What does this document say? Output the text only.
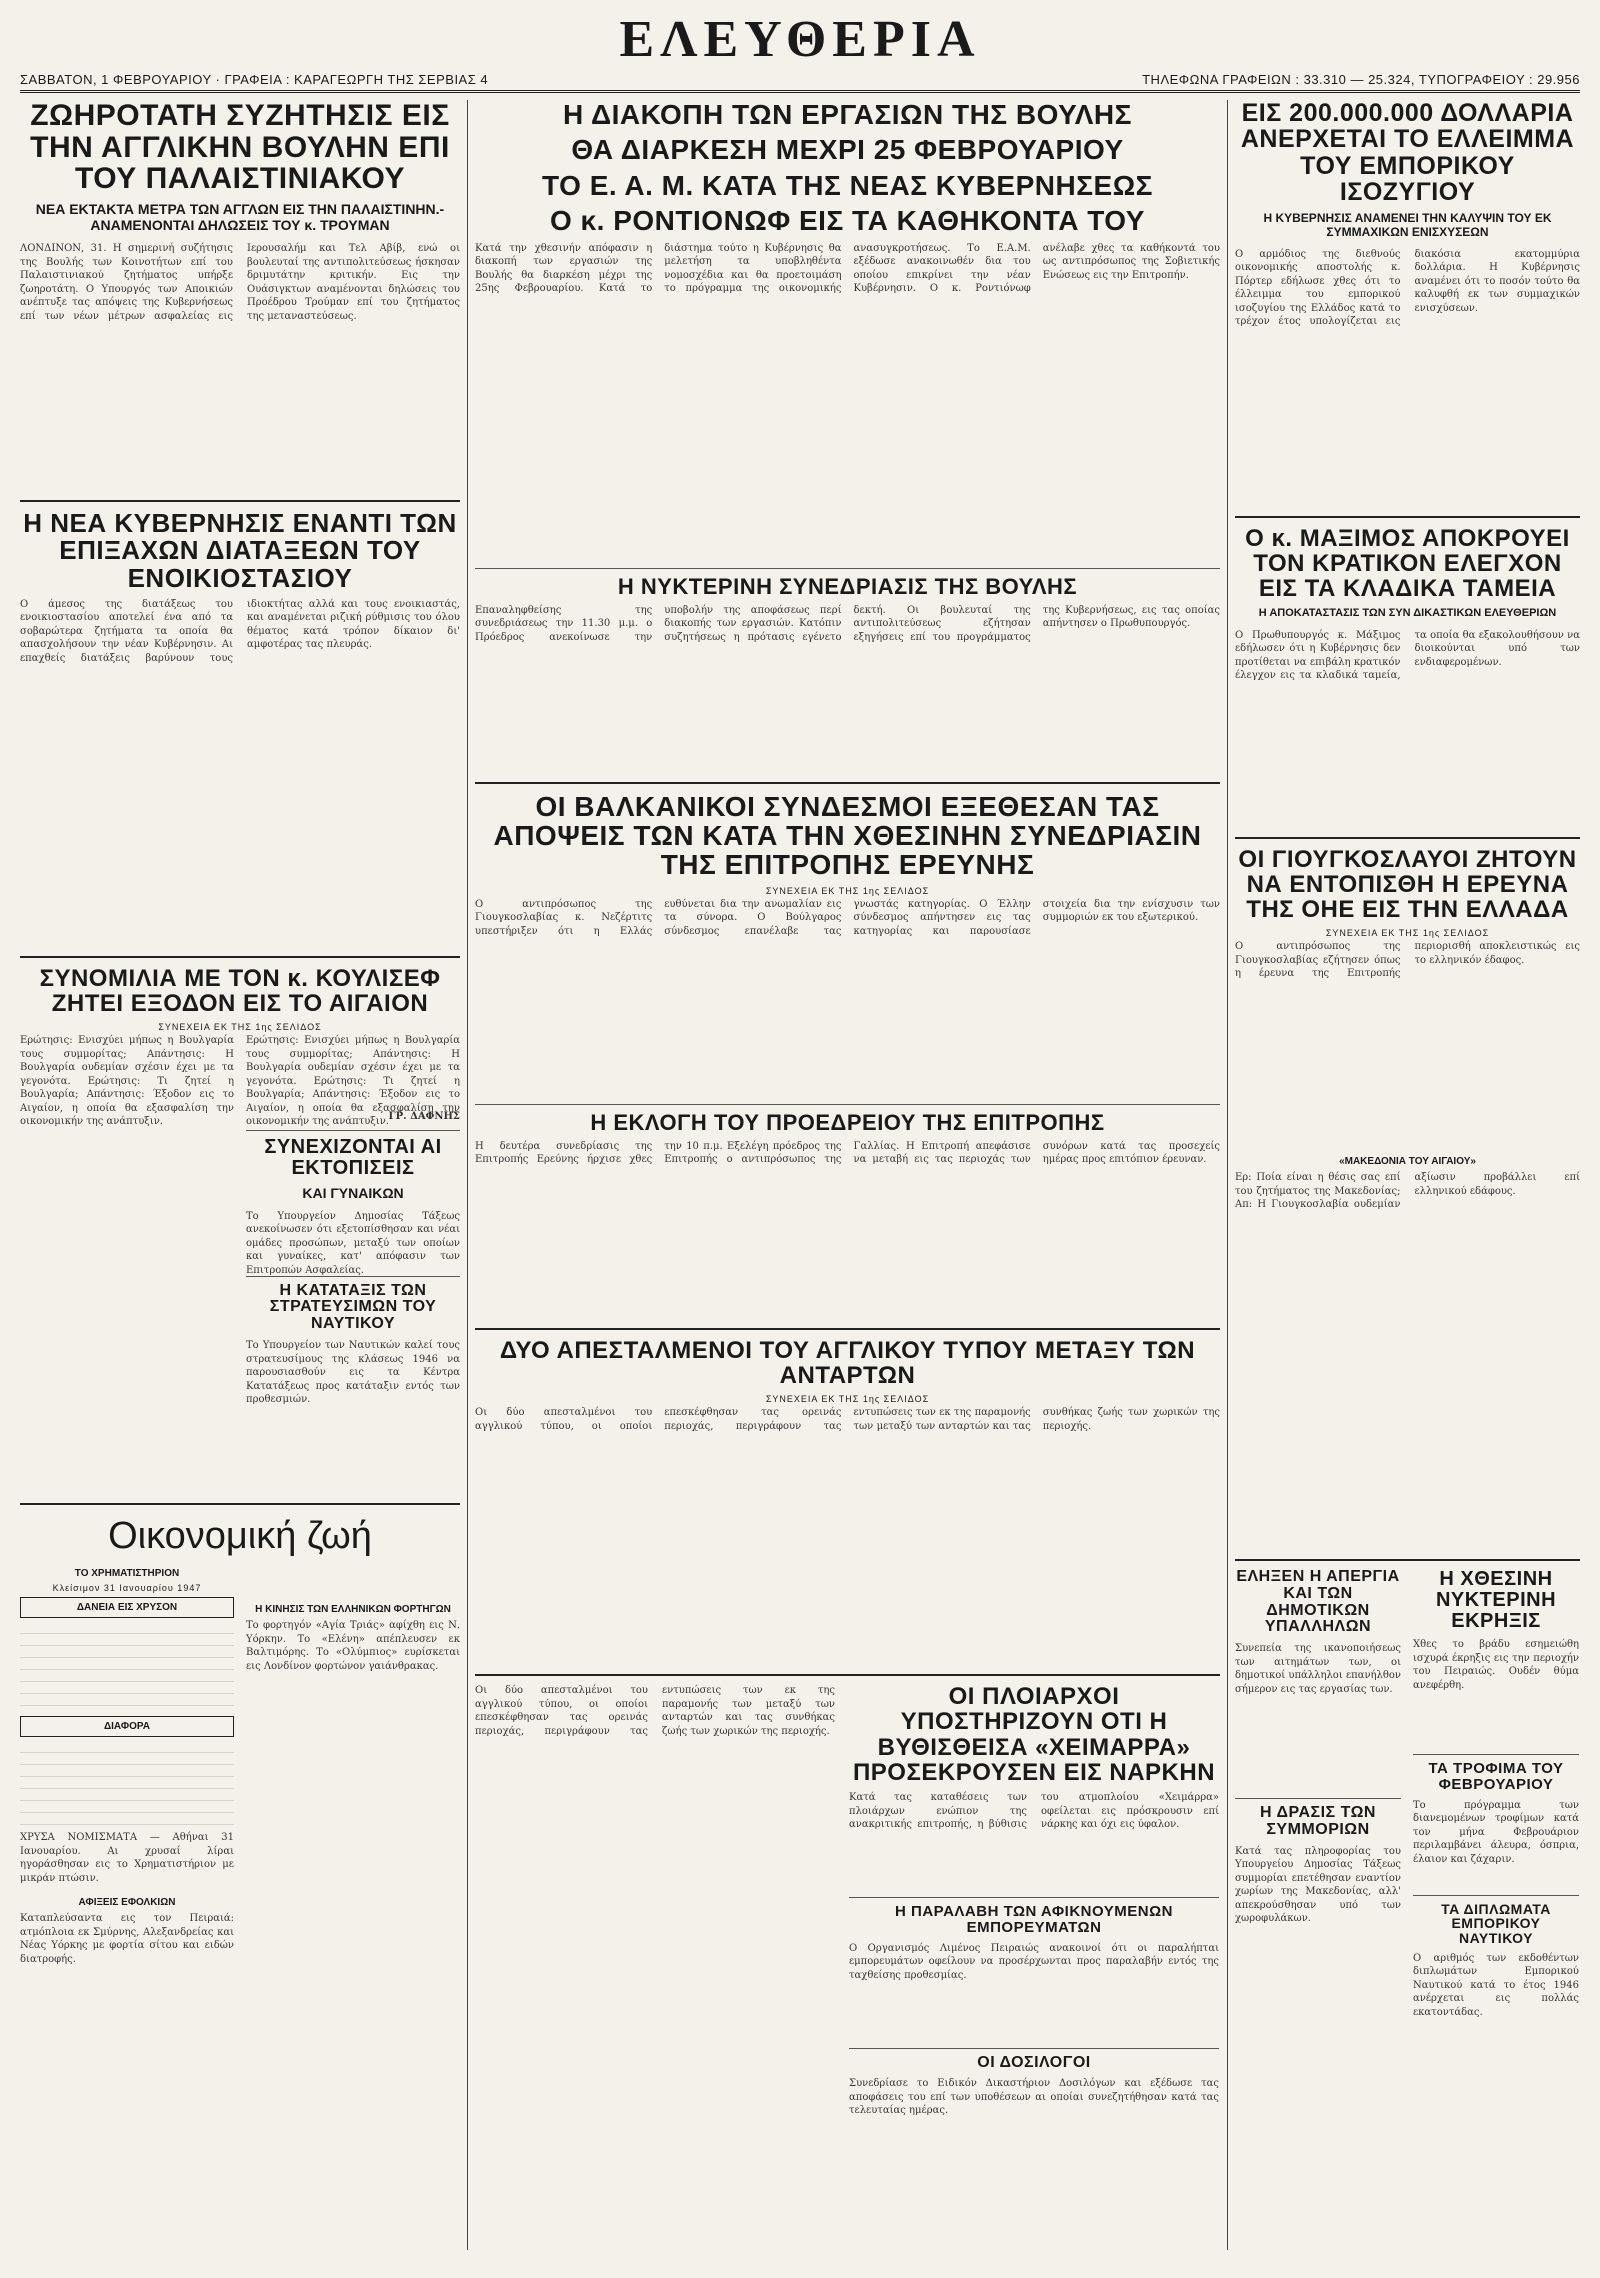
ΕΛΕΥΘΕΡΙΑ
ΣΑΒΒΑΤΟΝ, 1 ΦΕΒΡΟΥΑΡΙΟΥ · ΓΡΑΦΕΙΑ : ΚΑΡΑΓΕΩΡΓΗ ΤΗΣ ΣΕΡΒΙΑΣ 4	ΤΗΛΕΦΩΝΑ ΓΡΑΦΕΙΩΝ : 33.310 — 25.324, ΤΥΠΟΓΡΑΦΕΙΟΥ : 29.956
ΖΩΗΡΟΤΑΤΗ ΣΥΖΗΤΗΣΙΣ ΕΙΣ ΤΗΝ ΑΓΓΛΙΚΗΝ ΒΟΥΛΗΝ ΕΠΙ ΤΟΥ ΠΑΛΑΙΣΤΙΝΙΑΚΟΥ
ΝΕΑ ΕΚΤΑΚΤΑ ΜΕΤΡΑ ΤΩΝ ΑΓΓΛΩΝ ΕΙΣ ΤΗΝ ΠΑΛΑΙΣΤΙΝΗΝ.-ΑΝΑΜΕΝΟΝΤΑΙ ΔΗΛΩΣΕΙΣ ΤΟΥ κ. ΤΡΟΥΜΑΝ
ΛΟΝΔΙΝΟΝ, 31. Η σημερινή συζήτησις της Βουλής των Κοινοτήτων επί του Παλαιστινιακού ζητήματος υπήρξε ζωηροτάτη. Ο Υπουργός των Αποικιών ανέπτυξε τας απόψεις της Κυβερνήσεως επί των νέων μέτρων ασφαλείας εις Ιερουσαλήμ και Τελ Αβίβ, ενώ οι βουλευταί της αντιπολιτεύσεως ήσκησαν δριμυτάτην κριτικήν. Εις την Ουάσιγκτων αναμένονται δηλώσεις του Προέδρου Τρούμαν επί του ζητήματος της μεταναστεύσεως.
Η ΝΕΑ ΚΥΒΕΡΝΗΣΙΣ ΕΝΑΝΤΙ ΤΩΝ ΕΠΙΞΑΧΩΝ ΔΙΑΤΑΞΕΩΝ ΤΟΥ ΕΝΟΙΚΙΟΣΤΑΣΙΟΥ
Ο άμεσος της διατάξεως του ενοικιοστασίου αποτελεί ένα από τα σοβαρώτερα ζητήματα τα οποία θα απασχολήσουν την νέαν Κυβέρνησιν. Αι επαχθείς διατάξεις βαρύνουν τους ιδιοκτήτας αλλά και τους ενοικιαστάς, και αναμένεται ριζική ρύθμισις του όλου θέματος κατά τρόπον δίκαιον δι' αμφοτέρας τας πλευράς.
ΣΥΝΟΜΙΛΙΑ ΜΕ ΤΟΝ κ. ΚΟΥΛΙΣΕΦ ΖΗΤΕΙ ΕΞΟΔΟΝ ΕΙΣ ΤΟ ΑΙΓΑΙΟΝ
ΣΥΝΕΧΕΙΑ ΕΚ ΤΗΣ 1ης ΣΕΛΙΔΟΣ
Ερώτησις: Ενισχύει μήπως η Βουλγαρία τους συμμορίτας; Απάντησις: Η Βουλγαρία ουδεμίαν σχέσιν έχει με τα γεγονότα. Ερώτησις: Τι ζητεί η Βουλγαρία; Απάντησις: Έξοδον εις το Αιγαίον, η οποία θα εξασφαλίση την οικονομικήν της ανάπτυξιν.
Ερώτησις: Ενισχύει μήπως η Βουλγαρία τους συμμορίτας; Απάντησις: Η Βουλγαρία ουδεμίαν σχέσιν έχει με τα γεγονότα. Ερώτησις: Τι ζητεί η Βουλγαρία; Απάντησις: Έξοδον εις το Αιγαίον, η οποία θα εξασφαλίση την οικονομικήν της ανάπτυξιν. ΓΡ. ΔΑΦΝΗΣ
ΣΥΝΕΧΙΖΟΝΤΑΙ ΑΙ ΕΚΤΟΠΙΣΕΙΣ
ΚΑΙ ΓΥΝΑΙΚΩΝ
Το Υπουργείον Δημοσίας Τάξεως ανεκοίνωσεν ότι εξετοπίσθησαν και νέαι ομάδες προσώπων, μεταξύ των οποίων και γυναίκες, κατ' απόφασιν των Επιτροπών Ασφαλείας.
Η ΚΑΤΑΤΑΞΙΣ ΤΩΝ ΣΤΡΑΤΕΥΣΙΜΩΝ ΤΟΥ ΝΑΥΤΙΚΟΥ
Το Υπουργείον των Ναυτικών καλεί τους στρατευσίμους της κλάσεως 1946 να παρουσιασθούν εις τα Κέντρα Κατατάξεως προς κατάταξιν εντός των προθεσμιών.
Οικονομική ζωή
ΤΟ ΧΡΗΜΑΤΙΣΤΗΡΙΟΝ
Κλείσιμον 31 Ιανουαρίου 1947
ΔΑΝΕΙΑ ΕΙΣ ΧΡΥΣΟΝ
ΔΙΑΦΟΡΑ
ΧΡΥΣΑ ΝΟΜΙΣΜΑΤΑ — Αθήναι 31 Ιανουαρίου. Αι χρυσαί λίραι ηγοράσθησαν εις το Χρηματιστήριον με μικράν πτώσιν.
ΑΦΙΞΕΙΣ ΕΦΟΛΚΙΩΝ
Καταπλεύσαντα εις τον Πειραιά: ατμόπλοια εκ Σμύρνης, Αλεξανδρείας και Νέας Υόρκης με φορτία σίτου και ειδών διατροφής.
Η ΚΙΝΗΣΙΣ ΤΩΝ ΕΛΛΗΝΙΚΩΝ ΦΟΡΤΗΓΩΝ
Το φορτηγόν «Αγία Τριάς» αφίχθη εις Ν. Υόρκην. Το «Ελένη» απέπλευσεν εκ Βαλτιμόρης. Το «Ολύμπιος» ευρίσκεται εις Λονδίνον φορτώνον γαιάνθρακας.
Η ΔΙΑΚΟΠΗ ΤΩΝ ΕΡΓΑΣΙΩΝ ΤΗΣ ΒΟΥΛΗΣ
ΘΑ ΔΙΑΡΚΕΣΗ ΜΕΧΡΙ 25 ΦΕΒΡΟΥΑΡΙΟΥ
ΤΟ Ε. Α. Μ. ΚΑΤΑ ΤΗΣ ΝΕΑΣ ΚΥΒΕΡΝΗΣΕΩΣ
Ο κ. ΡΟΝΤΙΟΝΩΦ ΕΙΣ ΤΑ ΚΑΘΗΚΟΝΤΑ ΤΟΥ
Κατά την χθεσινήν απόφασιν η διακοπή των εργασιών της Βουλής θα διαρκέση μέχρι της 25ης Φεβρουαρίου. Κατά το διάστημα τούτο η Κυβέρνησις θα μελετήση τα υποβληθέντα νομοσχέδια και θα προετοιμάση το πρόγραμμα της οικονομικής ανασυγκροτήσεως. Το Ε.Α.Μ. εξέδωσε ανακοινωθέν δια του οποίου επικρίνει την νέαν Κυβέρνησιν. Ο κ. Ροντιόνωφ ανέλαβε χθες τα καθήκοντά του ως αντιπρόσωπος της Σοβιετικής Ενώσεως εις την Επιτροπήν.
Η ΝΥΚΤΕΡΙΝΗ ΣΥΝΕΔΡΙΑΣΙΣ ΤΗΣ ΒΟΥΛΗΣ
Επαναληφθείσης της συνεδριάσεως την 11.30 μ.μ. ο Πρόεδρος ανεκοίνωσε την υποβολήν της αποφάσεως περί διακοπής των εργασιών. Κατόπιν συζητήσεως η πρότασις εγένετο δεκτή. Οι βουλευταί της αντιπολιτεύσεως εζήτησαν εξηγήσεις επί του προγράμματος της Κυβερνήσεως, εις τας οποίας απήντησεν ο Πρωθυπουργός.
ΟΙ ΒΑΛΚΑΝΙΚΟΙ ΣΥΝΔΕΣΜΟΙ ΕΞΕΘΕΣΑΝ ΤΑΣ ΑΠΟΨΕΙΣ ΤΩΝ ΚΑΤΑ ΤΗΝ ΧΘΕΣΙΝΗΝ ΣΥΝΕΔΡΙΑΣΙΝ ΤΗΣ ΕΠΙΤΡΟΠΗΣ ΕΡΕΥΝΗΣ
ΣΥΝΕΧΕΙΑ ΕΚ ΤΗΣ 1ης ΣΕΛΙΔΟΣ
Ο αντιπρόσωπος της Γιουγκοσλαβίας κ. Νεζέρτιτς υπεστήριξεν ότι η Ελλάς ευθύνεται δια την ανωμαλίαν εις τα σύνορα. Ο Βούλγαρος σύνδεσμος επανέλαβε τας γνωστάς κατηγορίας. Ο Έλλην σύνδεσμος απήντησεν εις τας κατηγορίας και παρουσίασε στοιχεία δια την ενίσχυσιν των συμμοριών εκ του εξωτερικού.
Η ΕΚΛΟΓΗ ΤΟΥ ΠΡΟΕΔΡΕΙΟΥ ΤΗΣ ΕΠΙΤΡΟΠΗΣ
Η δευτέρα συνεδρίασις της Επιτροπής Ερεύνης ήρχισε χθες την 10 π.μ. Εξελέγη πρόεδρος της Επιτροπής ο αντιπρόσωπος της Γαλλίας. Η Επιτροπή απεφάσισε να μεταβή εις τας περιοχάς των συνόρων κατά τας προσεχείς ημέρας προς επιτόπιον έρευναν.
ΔΥΟ ΑΠΕΣΤΑΛΜΕΝΟΙ ΤΟΥ ΑΓΓΛΙΚΟΥ ΤΥΠΟΥ ΜΕΤΑΞΥ ΤΩΝ ΑΝΤΑΡΤΩΝ
ΣΥΝΕΧΕΙΑ ΕΚ ΤΗΣ 1ης ΣΕΛΙΔΟΣ
Οι δύο απεσταλμένοι του αγγλικού τύπου, οι οποίοι επεσκέφθησαν τας ορεινάς περιοχάς, περιγράφουν τας εντυπώσεις των εκ της παραμονής των μεταξύ των ανταρτών και τας συνθήκας ζωής των χωρικών της περιοχής.
Οι δύο απεσταλμένοι του αγγλικού τύπου, οι οποίοι επεσκέφθησαν τας ορεινάς περιοχάς, περιγράφουν τας εντυπώσεις των εκ της παραμονής των μεταξύ των ανταρτών και τας συνθήκας ζωής των χωρικών της περιοχής.
ΟΙ ΠΛΟΙΑΡΧΟΙ ΥΠΟΣΤΗΡΙΖΟΥΝ ΟΤΙ Η ΒΥΘΙΣΘΕΙΣΑ «ΧΕΙΜΑΡΡΑ» ΠΡΟΣΕΚΡΟΥΣΕΝ ΕΙΣ ΝΑΡΚΗΝ
Κατά τας καταθέσεις των πλοιάρχων ενώπιον της ανακριτικής επιτροπής, η βύθισις του ατμοπλοίου «Χειμάρρα» οφείλεται εις πρόσκρουσιν επί νάρκης και όχι εις ύφαλον.
Η ΠΑΡΑΛΑΒΗ ΤΩΝ ΑΦΙΚΝΟΥΜΕΝΩΝ ΕΜΠΟΡΕΥΜΑΤΩΝ
Ο Οργανισμός Λιμένος Πειραιώς ανακοινοί ότι οι παραλήπται εμπορευμάτων οφείλουν να προσέρχωνται προς παραλαβήν εντός της ταχθείσης προθεσμίας.
ΟΙ ΔΟΣΙΛΟΓΟΙ
Συνεδρίασε το Ειδικόν Δικαστήριον Δοσιλόγων και εξέδωσε τας αποφάσεις του επί των υποθέσεων αι οποίαι συνεζητήθησαν κατά τας τελευταίας ημέρας.
ΕΙΣ 200.000.000 ΔΟΛΛΑΡΙΑ ΑΝΕΡΧΕΤΑΙ ΤΟ ΕΛΛΕΙΜΜΑ ΤΟΥ ΕΜΠΟΡΙΚΟΥ ΙΣΟΖΥΓΙΟΥ
Η ΚΥΒΕΡΝΗΣΙΣ ΑΝΑΜΕΝΕΙ ΤΗΝ ΚΑΛΥΨΙΝ ΤΟΥ ΕΚ ΣΥΜΜΑΧΙΚΩΝ ΕΝΙΣΧΥΣΕΩΝ
Ο αρμόδιος της διεθνούς οικονομικής αποστολής κ. Πόρτερ εδήλωσε χθες ότι το έλλειμμα του εμπορικού ισοζυγίου της Ελλάδος κατά το τρέχον έτος υπολογίζεται εις διακόσια εκατομμύρια δολλάρια. Η Κυβέρνησις αναμένει ότι το ποσόν τούτο θα καλυφθή εκ των συμμαχικών ενισχύσεων.
Ο κ. ΜΑΞΙΜΟΣ ΑΠΟΚΡΟΥΕΙ ΤΟΝ ΚΡΑΤΙΚΟΝ ΕΛΕΓΧΟΝ ΕΙΣ ΤΑ ΚΛΑΔΙΚΑ ΤΑΜΕΙΑ
Η ΑΠΟΚΑΤΑΣΤΑΣΙΣ ΤΩΝ ΣΥΝ ΔΙΚΑΣΤΙΚΩΝ ΕΛΕΥΘΕΡΙΩΝ
Ο Πρωθυπουργός κ. Μάξιμος εδήλωσεν ότι η Κυβέρνησις δεν προτίθεται να επιβάλη κρατικόν έλεγχον εις τα κλαδικά ταμεία, τα οποία θα εξακολουθήσουν να διοικούνται υπό των ενδιαφερομένων.
ΟΙ ΓΙΟΥΓΚΟΣΛΑΥΟΙ ΖΗΤΟΥΝ ΝΑ ΕΝΤΟΠΙΣΘΗ Η ΕΡΕΥΝΑ ΤΗΣ ΟΗΕ ΕΙΣ ΤΗΝ ΕΛΛΑΔΑ
ΣΥΝΕΧΕΙΑ ΕΚ ΤΗΣ 1ης ΣΕΛΙΔΟΣ
Ο αντιπρόσωπος της Γιουγκοσλαβίας εζήτησεν όπως η έρευνα της Επιτροπής περιορισθή αποκλειστικώς εις το ελληνικόν έδαφος.
«ΜΑΚΕΔΟΝΙΑ ΤΟΥ ΑΙΓΑΙΟΥ»
Ερ: Ποία είναι η θέσις σας επί του ζητήματος της Μακεδονίας; Απ: Η Γιουγκοσλαβία ουδεμίαν αξίωσιν προβάλλει επί ελληνικού εδάφους.
ΕΛΗΞΕΝ Η ΑΠΕΡΓΙΑ ΚΑΙ ΤΩΝ ΔΗΜΟΤΙΚΩΝ ΥΠΑΛΛΗΛΩΝ
Συνεπεία της ικανοποιήσεως των αιτημάτων των, οι δημοτικοί υπάλληλοι επανήλθον σήμερον εις τας εργασίας των.
Η ΔΡΑΣΙΣ ΤΩΝ ΣΥΜΜΟΡΙΩΝ
Κατά τας πληροφορίας του Υπουργείου Δημοσίας Τάξεως συμμορίαι επετέθησαν εναντίον χωρίων της Μακεδονίας, αλλ' απεκρούσθησαν υπό των χωροφυλάκων.
Η ΧΘΕΣΙΝΗ ΝΥΚΤΕΡΙΝΗ ΕΚΡΗΞΙΣ
Χθες το βράδυ εσημειώθη ισχυρά έκρηξις εις την περιοχήν του Πειραιώς. Ουδέν θύμα ανεφέρθη.
ΤΑ ΤΡΟΦΙΜΑ ΤΟΥ ΦΕΒΡΟΥΑΡΙΟΥ
Το πρόγραμμα των διανεμομένων τροφίμων κατά τον μήνα Φεβρουάριον περιλαμβάνει άλευρα, όσπρια, έλαιον και ζάχαριν.
ΤΑ ΔΙΠΛΩΜΑΤΑ ΕΜΠΟΡΙΚΟΥ ΝΑΥΤΙΚΟΥ
Ο αριθμός των εκδοθέντων διπλωμάτων Εμπορικού Ναυτικού κατά το έτος 1946 ανέρχεται εις πολλάς εκατοντάδας.
